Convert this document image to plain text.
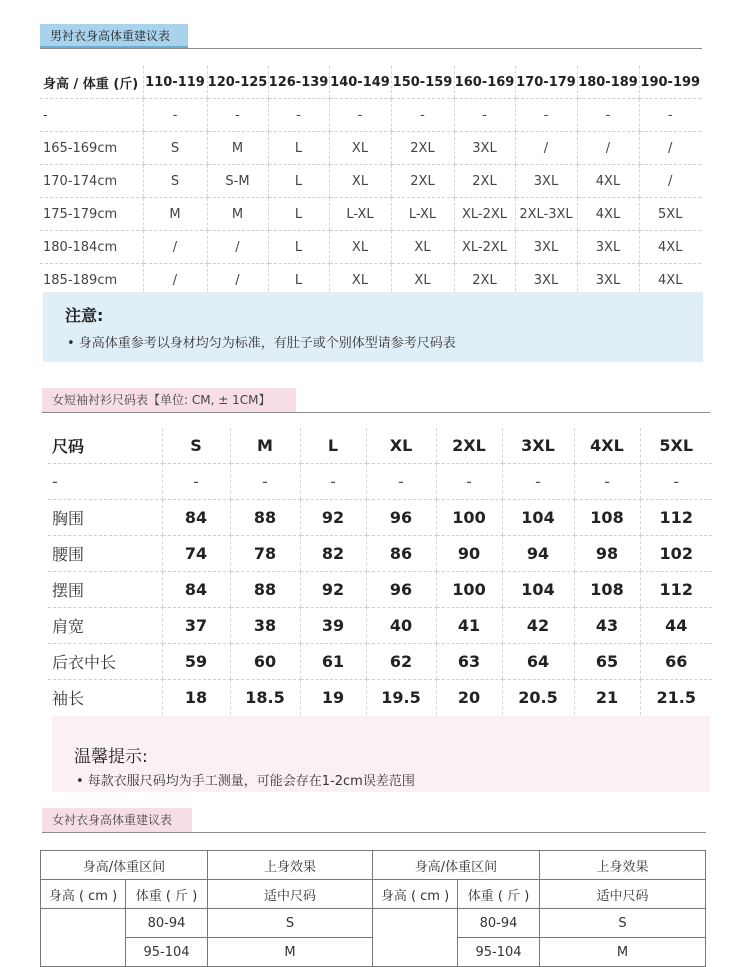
男衬衣身高体重建议表
身高 / 体重 (斤)	110-119	120-125	126-139	140-149	150-159	160-169	170-179	180-189	190-199
-	-	-	-	-	-	-	-	-	-
165-169cm	S	M	L	XL	2XL	3XL	/	/	/
170-174cm	S	S-M	L	XL	2XL	2XL	3XL	4XL	/
175-179cm	M	M	L	L-XL	L-XL	XL-2XL	2XL-3XL	4XL	5XL
180-184cm	/	/	L	XL	XL	XL-2XL	3XL	3XL	4XL
185-189cm	/	/	L	XL	XL	2XL	3XL	3XL	4XL
注意:
• 身高体重参考以身材均匀为标准，有肚子或个别体型请参考尺码表
女短袖衬衫尺码表【单位: CM, ± 1CM】
尺码	S	M	L	XL	2XL	3XL	4XL	5XL
-	-	-	-	-	-	-	-	-
胸围	84	88	92	96	100	104	108	112
腰围	74	78	82	86	90	94	98	102
摆围	84	88	92	96	100	104	108	112
肩宽	37	38	39	40	41	42	43	44
后衣中长	59	60	61	62	63	64	65	66
袖长	18	18.5	19	19.5	20	20.5	21	21.5
温馨提示:
• 每款衣服尺码均为手工测量，可能会存在1-2cm误差范围
女衬衣身高体重建议表
身高/体重区间		上身效果	身高/体重区间		上身效果
身高 ( cm )	体重 ( 斤 )	适中尺码	身高 ( cm )	体重 ( 斤 )	适中尺码
	80-94	S		80-94	S
	95-104	M		95-104	M
